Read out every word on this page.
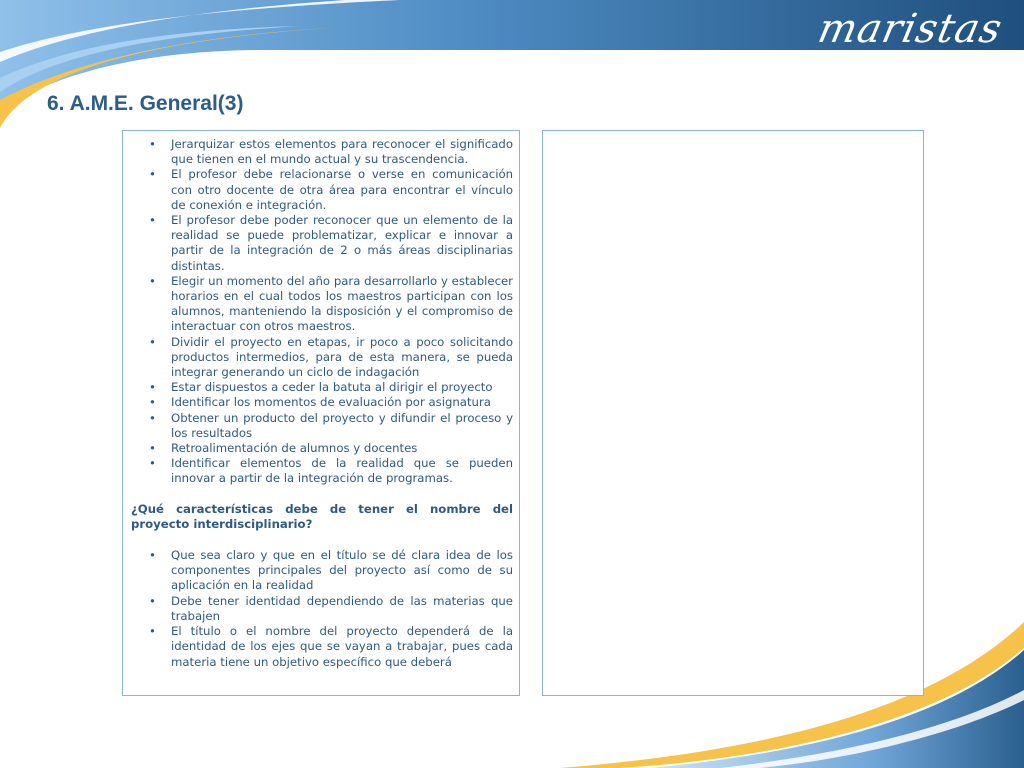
maristas
6. A.M.E. General(3)
• Jerarquizar estos elementos para reconocer el significado que tienen en el mundo actual y su trascendencia.
• El profesor debe relacionarse o verse en comunicación con otro docente de otra área para encontrar el vínculo de conexión e integración.
• El profesor debe poder reconocer que un elemento de la realidad se puede problematizar, explicar e innovar a partir de la integración de 2 o más áreas disciplinarias distintas.
• Elegir un momento del año para desarrollarlo y establecer horarios en el cual todos los maestros participan con los alumnos, manteniendo la disposición y el compromiso de interactuar con otros maestros.
• Dividir el proyecto en etapas, ir poco a poco solicitando productos intermedios, para de esta manera, se pueda integrar generando un ciclo de indagación
• Estar dispuestos a ceder la batuta al dirigir el proyecto
• Identificar los momentos de evaluación por asignatura
• Obtener un producto del proyecto y difundir el proceso y los resultados
• Retroalimentación de alumnos y docentes
• Identificar elementos de la realidad que se pueden innovar a partir de la integración de programas.
¿Qué características debe de tener el nombre del proyecto interdisciplinario?
• Que sea claro y que en el título se dé clara idea de los componentes principales del proyecto así como de su aplicación en la realidad
• Debe tener identidad dependiendo de las materias que trabajen
• El título o el nombre del proyecto dependerá de la identidad de los ejes que se vayan a trabajar, pues cada materia tiene un objetivo específico que deberá
